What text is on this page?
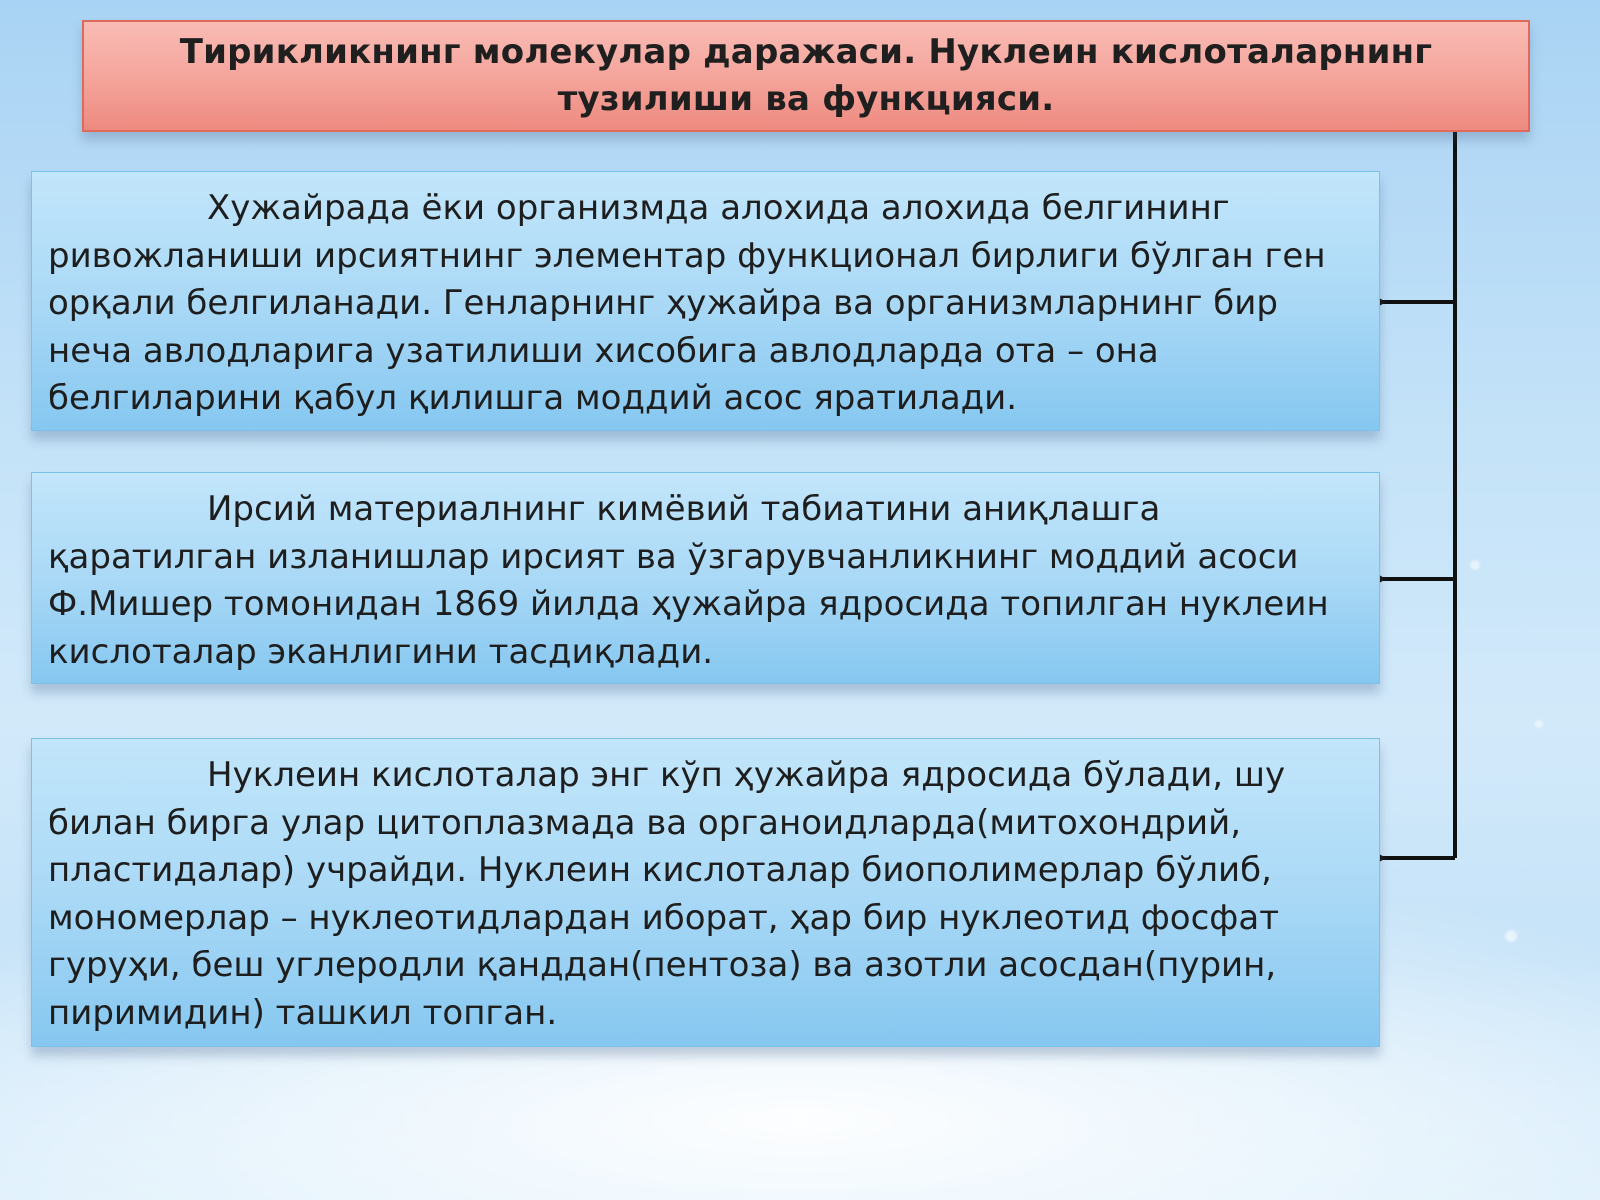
Тирикликнинг молекулар даражаси. Нуклеин кислоталарнинг тузилиши ва функцияси.

Хужайрада ёки организмда алохида алохида белгининг ривожланиши ирсиятнинг элементар функционал бирлиги бўлган ген орқали белгиланади. Генларнинг ҳужайра ва организмларнинг бир неча авлодларига узатилиши хисобига авлодларда ота – она белгиларини қабул қилишга моддий асос яратилади.

Ирсий материалнинг кимёвий табиатини аниқлашга қаратилган изланишлар ирсият ва ўзгарувчанликнинг моддий асоси Ф.Мишер томонидан 1869 йилда ҳужайра ядросида топилган нуклеин кислоталар эканлигини тасдиқлади.

Нуклеин кислоталар энг кўп ҳужайра ядросида бўлади, шу билан бирга улар цитоплазмада ва органоидларда(митохондрий, пластидалар) учрайди. Нуклеин кислоталар биополимерлар бўлиб, мономерлар – нуклеотидлардан иборат, ҳар бир нуклеотид фосфат гуруҳи, беш углеродли қанддан(пентоза) ва азотли асосдан(пурин, пиримидин) ташкил топган.
